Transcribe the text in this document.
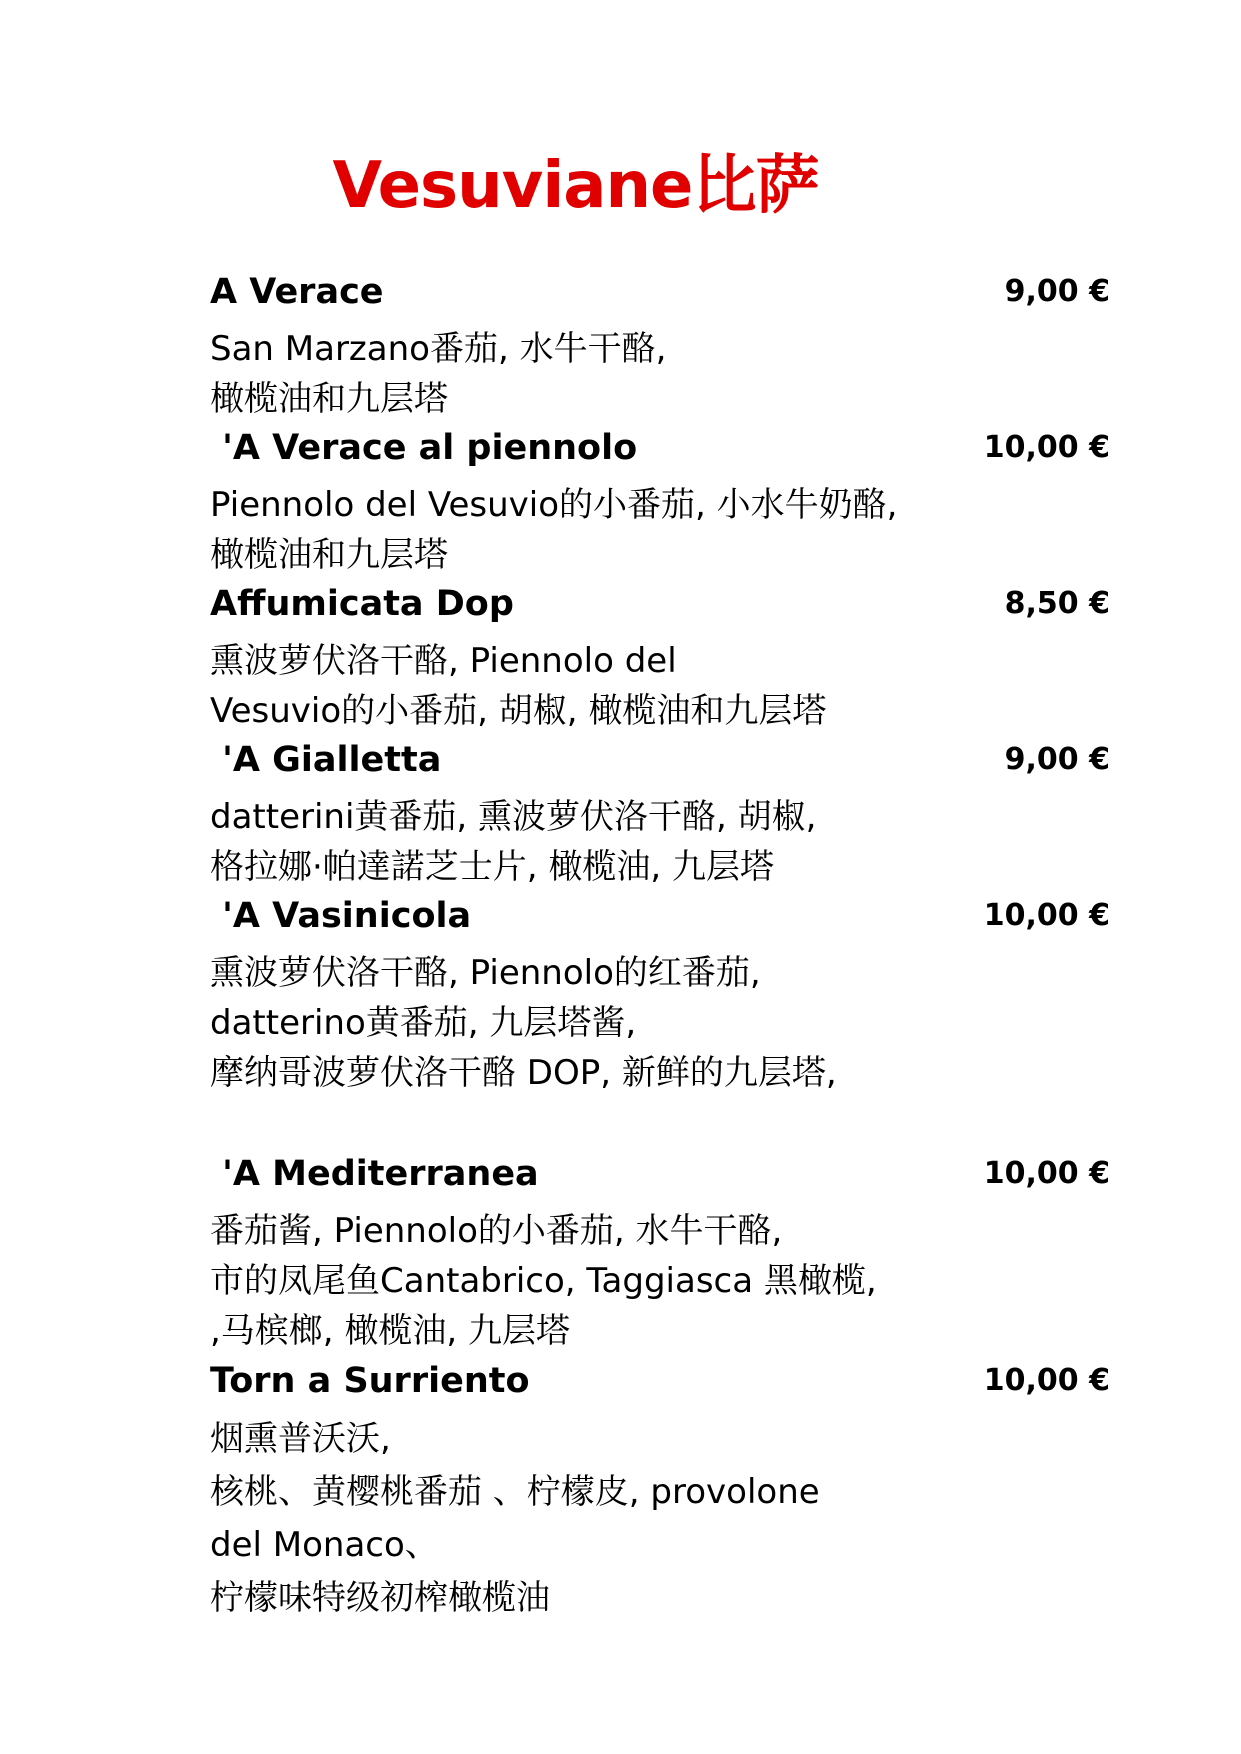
Vesuviane比萨
A Verace	9,00 €
San Marzano番茄, 水牛干酪,
橄榄油和九层塔
'A Verace al piennolo	10,00 €
Piennolo del Vesuvio的小番茄, 小水牛奶酪,
橄榄油和九层塔
Affumicata Dop	8,50 €
熏波萝伏洛干酪, Piennolo del
Vesuvio的小番茄, 胡椒, 橄榄油和九层塔
'A Gialletta	9,00 €
datterini黄番茄, 熏波萝伏洛干酪, 胡椒,
格拉娜·帕達諾芝士片, 橄榄油, 九层塔
'A Vasinicola	10,00 €
熏波萝伏洛干酪, Piennolo的红番茄,
datterino黄番茄, 九层塔酱,
摩纳哥波萝伏洛干酪 DOP, 新鲜的九层塔,
'A Mediterranea	10,00 €
番茄酱, Piennolo的小番茄, 水牛干酪,
市的凤尾鱼Cantabrico, Taggiasca 黑橄榄,
,马槟榔, 橄榄油, 九层塔
Torn a Surriento	10,00 €
烟熏普沃沃,
核桃、黄樱桃番茄 、柠檬皮, provolone
del Monaco、
柠檬味特级初榨橄榄油
